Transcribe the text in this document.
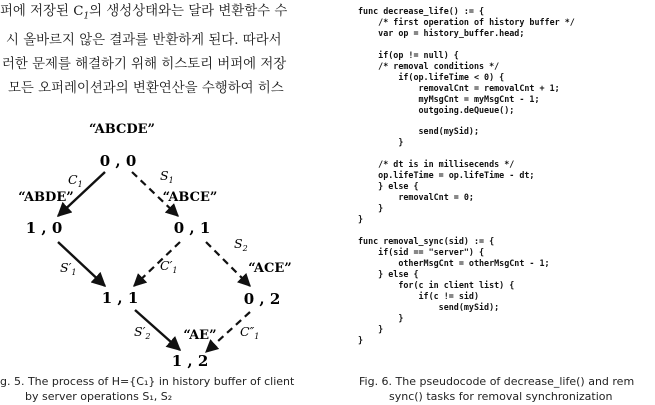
퍼에 저장된 $C_1$의 생성상태와는 달라 변환함수 수
시 올바르지 않은 결과를 반환하게 된다. 따라서
러한 문제를 해결하기 위해 히스토리 버퍼에 저장
모든 오퍼레이션과의 변환연산을 수행하여 히스
“ABCDE”
“ABDE”	“ABCE”
“ACE”
“AE”
0 , 0
1 , 0	0 , 1
1 , 1	0 , 2
1 , 2
$C_1$
$S_1$
$S'_1$	$C'_1$
$S_2$
$S'_2$	$C''_1$
g. 5. The process of H={C₁} in history buffer of client
by server operations S₁, S₂
func decrease_life() := {
/* first operation of history buffer */
var op = history_buffer.head;

if(op != null) {
/* removal conditions */
if(op.lifeTime < 0) {
removalCnt = removalCnt + 1;
myMsgCnt = myMsgCnt - 1;
outgoing.deQueue();

send(mySid);
}

/* dt is in millisecends */
op.lifeTime = op.lifeTime - dt;
} else {
removalCnt = 0;
}
}

func removal_sync(sid) := {
if(sid == "server") {
otherMsgCnt = otherMsgCnt - 1;
} else {
for(c in client list) {
if(c != sid)
send(mySid);
}
}
}
Fig. 6. The pseudocode of decrease_life() and rem
sync() tasks for removal synchronization
